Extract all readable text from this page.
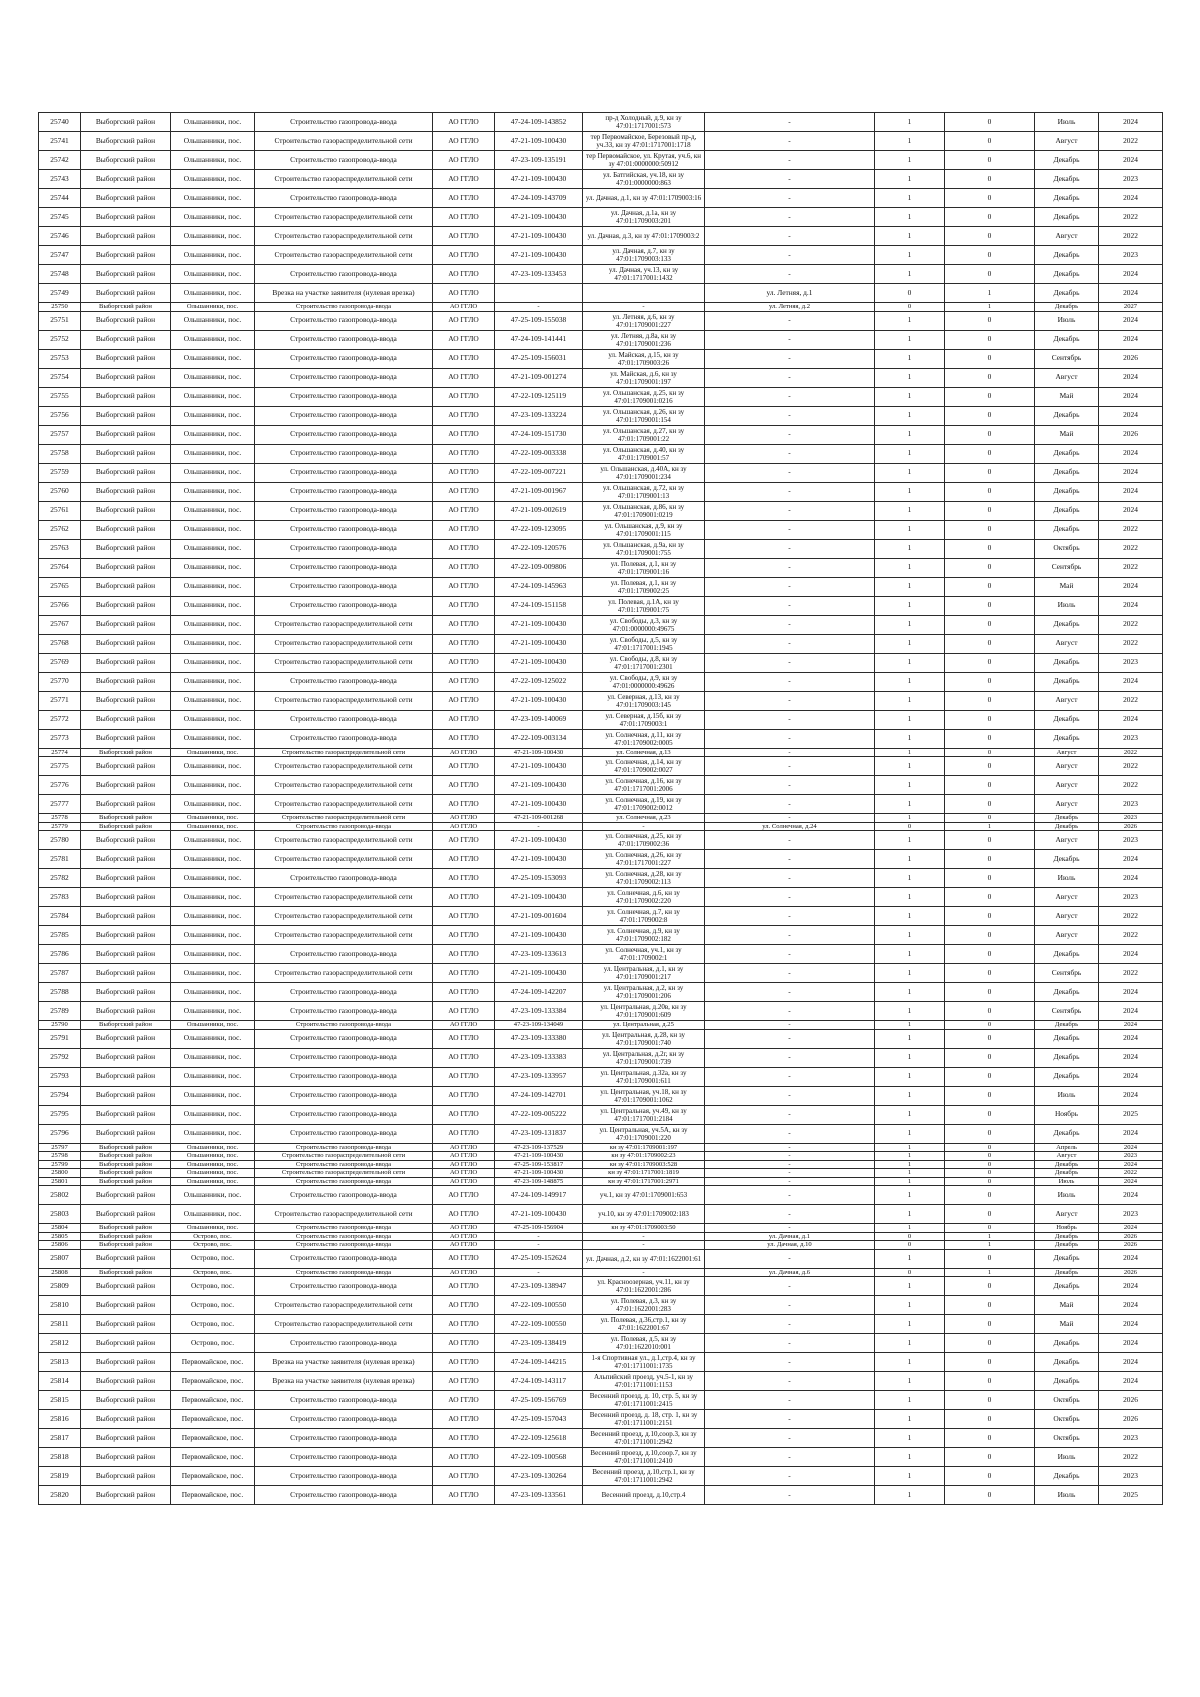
25740	Выборгский район	Ольшанники, пос.	Строительство газопровода-ввода	АО ГГЛО	47-24-109-143852	пр-д Холодный, д.9, кн зу 47:01:1717001:573	-	1	0	Июль	2024
25741	Выборгский район	Ольшанники, пос.	Строительство газораспределительной сети	АО ГГЛО	47-21-109-100430	тер Первомайское, Березовый пр-д, уч.33, кн зу 47:01:1717001:1718	-	1	0	Август	2022
25742	Выборгский район	Ольшанники, пос.	Строительство газопровода-ввода	АО ГГЛО	47-23-109-135191	тер Первомайское, ул. Крутая, уч.6, кн зу 47:01:0000000:50912	-	1	0	Декабрь	2024
25743	Выборгский район	Ольшанники, пос.	Строительство газораспределительной сети	АО ГГЛО	47-21-109-100430	ул. Батгийская, уч.18, кн зу 47:01:0000000:863	-	1	0	Декабрь	2023
25744	Выборгский район	Ольшанники, пос.	Строительство газопровода-ввода	АО ГГЛО	47-24-109-143709	ул. Дачная, д.1, кн зу 47:01:1709003:16	-	1	0	Декабрь	2024
25745	Выборгский район	Ольшанники, пос.	Строительство газораспределительной сети	АО ГГЛО	47-21-109-100430	ул. Дачная, д.1а, кн зу 47:01:1709003:201	-	1	0	Декабрь	2022
25746	Выборгский район	Ольшанники, пос.	Строительство газораспределительной сети	АО ГГЛО	47-21-109-100430	ул. Дачная, д.3, кн зу 47:01:1709003:2	-	1	0	Август	2022
25747	Выборгский район	Ольшанники, пос.	Строительство газораспределительной сети	АО ГГЛО	47-21-109-100430	ул. Дачная, д.7, кн зу 47:01:1709003:133	-	1	0	Декабрь	2023
25748	Выборгский район	Ольшанники, пос.	Строительство газопровода-ввода	АО ГГЛО	47-23-109-133453	ул. Дачная, уч.13, кн зу 47:01:1717001:1432	-	1	0	Декабрь	2024
25749	Выборгский район	Ольшанники, пос.	Врезка на участке заявителя (нулевая врезка)	АО ГГЛО			ул. Летняя, д.1	0	1	Декабрь	2024
25750	Выборгский район	Ольшанники, пос.	Строительство газопровода-ввода	АО ГГЛО	-	-	ул. Летняя, д.2	0	1	Декабрь	2027
25751	Выборгский район	Ольшанники, пос.	Строительство газопровода-ввода	АО ГГЛО	47-25-109-155038	ул. Летняя, д.6, кн зу 47:01:1709001:227	-	1	0	Июль	2024
25752	Выборгский район	Ольшанники, пос.	Строительство газопровода-ввода	АО ГГЛО	47-24-109-141441	ул. Летняя, д.8а, кн зу 47:01:1709001:236	-	1	0	Декабрь	2024
25753	Выборгский район	Ольшанники, пос.	Строительство газопровода-ввода	АО ГГЛО	47-25-109-156031	ул. Майская, д.15, кн зу 47:01:1709003:26	-	1	0	Сентябрь	2026
25754	Выборгский район	Ольшанники, пос.	Строительство газопровода-ввода	АО ГГЛО	47-21-109-001274	ул. Майская, д.6, кн зу 47:01:1709001:197	-	1	0	Август	2024
25755	Выборгский район	Ольшанники, пос.	Строительство газопровода-ввода	АО ГГЛО	47-22-109-125119	ул. Ольшанская, д.25, кн зу 47:01:1709001:0216	-	1	0	Май	2024
25756	Выборгский район	Ольшанники, пос.	Строительство газопровода-ввода	АО ГГЛО	47-23-109-133224	ул. Ольшанская, д.26, кн зу 47:01:1709001:154	-	1	0	Декабрь	2024
25757	Выборгский район	Ольшанники, пос.	Строительство газопровода-ввода	АО ГГЛО	47-24-109-151730	ул. Ольшанская, д.27, кн зу 47:01:1709001:22	-	1	0	Май	2026
25758	Выборгский район	Ольшанники, пос.	Строительство газопровода-ввода	АО ГГЛО	47-22-109-003338	ул. Ольшанская, д.40, кн зу 47:01:1709001:57	-	1	0	Декабрь	2024
25759	Выборгский район	Ольшанники, пос.	Строительство газопровода-ввода	АО ГГЛО	47-22-109-007221	ул. Ольшанская, д.40А, кн зу 47:01:1709001:234	-	1	0	Декабрь	2024
25760	Выборгский район	Ольшанники, пос.	Строительство газопровода-ввода	АО ГГЛО	47-21-109-001967	ул. Ольшанская, д.72, кн зу 47:01:1709001:13	-	1	0	Декабрь	2024
25761	Выборгский район	Ольшанники, пос.	Строительство газопровода-ввода	АО ГГЛО	47-21-109-002619	ул. Ольшанская, д.86, кн зу 47:01:1709001:0219	-	1	0	Декабрь	2024
25762	Выборгский район	Ольшанники, пос.	Строительство газопровода-ввода	АО ГГЛО	47-22-109-123095	ул. Ольшанская, д.9, кн зу 47:01:1709001:115	-	1	0	Декабрь	2022
25763	Выборгский район	Ольшанники, пос.	Строительство газопровода-ввода	АО ГГЛО	47-22-109-120576	ул. Ольшанская, д.9а, кн зу 47:01:1709001:755	-	1	0	Октябрь	2022
25764	Выборгский район	Ольшанники, пос.	Строительство газопровода-ввода	АО ГГЛО	47-22-109-009806	ул. Полевая, д.1, кн зу 47:01:1709001:16	-	1	0	Сентябрь	2022
25765	Выборгский район	Ольшанники, пос.	Строительство газопровода-ввода	АО ГГЛО	47-24-109-145963	ул. Полевая, д.1, кн зу 47:01:1709002:25	-	1	0	Май	2024
25766	Выборгский район	Ольшанники, пос.	Строительство газопровода-ввода	АО ГГЛО	47-24-109-151158	ул. Полевая, д.1А, кн зу 47:01:1709001:75	-	1	0	Июль	2024
25767	Выборгский район	Ольшанники, пос.	Строительство газораспределительной сети	АО ГГЛО	47-21-109-100430	ул. Свободы, д.3, кн зу 47:01:0000000:49675	-	1	0	Декабрь	2022
25768	Выборгский район	Ольшанники, пос.	Строительство газораспределительной сети	АО ГГЛО	47-21-109-100430	ул. Свободы, д.5, кн зу 47:01:1717001:1945	-	1	0	Август	2022
25769	Выборгский район	Ольшанники, пос.	Строительство газораспределительной сети	АО ГГЛО	47-21-109-100430	ул. Свободы, д.8, кн зу 47:01:1717001:2301	-	1	0	Декабрь	2023
25770	Выборгский район	Ольшанники, пос.	Строительство газопровода-ввода	АО ГГЛО	47-22-109-125022	ул. Свободы, д.9, кн зу 47:01:0000000:49626	-	1	0	Декабрь	2024
25771	Выборгский район	Ольшанники, пос.	Строительство газораспределительной сети	АО ГГЛО	47-21-109-100430	ул. Северная, д.13, кн зу 47:01:1709003:145	-	1	0	Август	2022
25772	Выборгский район	Ольшанники, пос.	Строительство газопровода-ввода	АО ГГЛО	47-23-109-140069	ул. Северная, д.15б, кн зу 47:01:1709003:1	-	1	0	Декабрь	2024
25773	Выборгский район	Ольшанники, пос.	Строительство газопровода-ввода	АО ГГЛО	47-22-109-003134	ул. Солнечная, д.11, кн зу 47:01:1709002:0005	-	1	0	Декабрь	2023
25774	Выборгский район	Ольшанники, пос.	Строительство газораспределительной сети	АО ГГЛО	47-21-109-100430	ул. Солнечная, д.13	-	1	0	Август	2022
25775	Выборгский район	Ольшанники, пос.	Строительство газораспределительной сети	АО ГГЛО	47-21-109-100430	ул. Солнечная, д.14, кн зу 47:01:1709002:0027	-	1	0	Август	2022
25776	Выборгский район	Ольшанники, пос.	Строительство газораспределительной сети	АО ГГЛО	47-21-109-100430	ул. Солнечная, д.16, кн зу 47:01:1717001:2006	-	1	0	Август	2022
25777	Выборгский район	Ольшанники, пос.	Строительство газораспределительной сети	АО ГГЛО	47-21-109-100430	ул. Солнечная, д.19, кн зу 47:01:1709002:0012	-	1	0	Август	2023
25778	Выборгский район	Ольшанники, пос.	Строительство газораспределительной сети	АО ГГЛО	47-21-109-001268	ул. Солнечная, д.23	-	1	0	Декабрь	2023
25779	Выборгский район	Ольшанники, пос.	Строительство газопровода-ввода	АО ГГЛО	-	-	ул. Солнечная, д.24	0	1	Декабрь	2026
25780	Выборгский район	Ольшанники, пос.	Строительство газораспределительной сети	АО ГГЛО	47-21-109-100430	ул. Солнечная, д.25, кн зу 47:01:1709002:36	-	1	0	Август	2023
25781	Выборгский район	Ольшанники, пос.	Строительство газораспределительной сети	АО ГГЛО	47-21-109-100430	ул. Солнечная, д.26, кн зу 47:01:1717001:227	-	1	0	Декабрь	2024
25782	Выборгский район	Ольшанники, пос.	Строительство газопровода-ввода	АО ГГЛО	47-25-109-153093	ул. Солнечная, д.28, кн зу 47:01:1709002:113	-	1	0	Июль	2024
25783	Выборгский район	Ольшанники, пос.	Строительство газораспределительной сети	АО ГГЛО	47-21-109-100430	ул. Солнечная, д.6, кн зу 47:01:1709002:220	-	1	0	Август	2023
25784	Выборгский район	Ольшанники, пос.	Строительство газораспределительной сети	АО ГГЛО	47-21-109-001604	ул. Солнечная, д.7, кн зу 47:01:1709002:8	-	1	0	Август	2022
25785	Выборгский район	Ольшанники, пос.	Строительство газораспределительной сети	АО ГГЛО	47-21-109-100430	ул. Солнечная, д.9, кн зу 47:01:1709002:182	-	1	0	Август	2022
25786	Выборгский район	Ольшанники, пос.	Строительство газопровода-ввода	АО ГГЛО	47-23-109-133613	ул. Солнечная, уч.1, кн зу 47:01:1709002:1	-	1	0	Декабрь	2024
25787	Выборгский район	Ольшанники, пос.	Строительство газораспределительной сети	АО ГГЛО	47-21-109-100430	ул. Центральная, д.1, кн зу 47:01:1709001:217	-	1	0	Сентябрь	2022
25788	Выборгский район	Ольшанники, пос.	Строительство газопровода-ввода	АО ГГЛО	47-24-109-142207	ул. Центральная, д.2, кн зу 47:01:1709001:206	-	1	0	Декабрь	2024
25789	Выборгский район	Ольшанники, пос.	Строительство газопровода-ввода	АО ГГЛО	47-23-109-133384	ул. Центральная, д.20в, кн зу 47:01:1709001:609	-	1	0	Сентябрь	2024
25790	Выборгский район	Ольшанники, пос.	Строительство газопровода-ввода	АО ГГЛО	47-23-109-134049	ул. Центральная, д.25	-	1	0	Декабрь	2024
25791	Выборгский район	Ольшанники, пос.	Строительство газопровода-ввода	АО ГГЛО	47-23-109-133380	ул. Центральная, д.28, кн зу 47:01:1709001:740	-	1	0	Декабрь	2024
25792	Выборгский район	Ольшанники, пос.	Строительство газопровода-ввода	АО ГГЛО	47-23-109-133383	ул. Центральная, д.2г, кн зу 47:01:1709001:739	-	1	0	Декабрь	2024
25793	Выборгский район	Ольшанники, пос.	Строительство газопровода-ввода	АО ГГЛО	47-23-109-133957	ул. Центральная, д.32а, кн зу 47:01:1709001:611	-	1	0	Декабрь	2024
25794	Выборгский район	Ольшанники, пос.	Строительство газопровода-ввода	АО ГГЛО	47-24-109-142701	ул. Центральная, уч.18, кн зу 47:01:1709001:1062	-	1	0	Июль	2024
25795	Выборгский район	Ольшанники, пос.	Строительство газопровода-ввода	АО ГГЛО	47-22-109-005222	ул. Центральная, уч.49, кн зу 47:01:1717001:2184	-	1	0	Ноябрь	2025
25796	Выборгский район	Ольшанники, пос.	Строительство газопровода-ввода	АО ГГЛО	47-23-109-131837	ул. Центральная, уч.5А, кн зу 47:01:1709001:220	-	1	0	Декабрь	2024
25797	Выборгский район	Ольшанники, пос.	Строительство газопровода-ввода	АО ГГЛО	47-23-109-137529	кн зу 47:01:1709001:197	-	1	0	Апрель	2024
25798	Выборгский район	Ольшанники, пос.	Строительство газораспределительной сети	АО ГГЛО	47-21-109-100430	кн зу 47:01:1709002:23	-	1	0	Август	2023
25799	Выборгский район	Ольшанники, пос.	Строительство газопровода-ввода	АО ГГЛО	47-25-109-153817	кн зу 47:01:1709003:528	-	1	0	Декабрь	2024
25800	Выборгский район	Ольшанники, пос.	Строительство газораспределительной сети	АО ГГЛО	47-21-109-100430	кн зу 47:01:1717001:1819	-	1	0	Декабрь	2022
25801	Выборгский район	Ольшанники, пос.	Строительство газопровода-ввода	АО ГГЛО	47-23-109-148875	кн зу 47:01:1717001:2971	-	1	0	Июль	2024
25802	Выборгский район	Ольшанники, пос.	Строительство газопровода-ввода	АО ГГЛО	47-24-109-149917	уч.1, кн зу 47:01:1709001:653	-	1	0	Июль	2024
25803	Выборгский район	Ольшанники, пос.	Строительство газораспределительной сети	АО ГГЛО	47-21-109-100430	уч.10, кн зу 47:01:1709002:183	-	1	0	Август	2023
25804	Выборгский район	Ольшанники, пос.	Строительство газопровода-ввода	АО ГГЛО	47-25-109-156904	кн зу 47:01:1709003:50	-	1	0	Ноябрь	2024
25805	Выборгский район	Острово, пос.	Строительство газопровода-ввода	АО ГГЛО	-	-	ул. Дачная, д.1	0	1	Декабрь	2026
25806	Выборгский район	Острово, пос.	Строительство газопровода-ввода	АО ГГЛО	-	-	ул. Дачная, д.10	0	1	Декабрь	2026
25807	Выборгский район	Острово, пос.	Строительство газопровода-ввода	АО ГГЛО	47-25-109-152624	ул. Дачная, д.2, кн зу 47:01:1622001:61	-	1	0	Декабрь	2024
25808	Выборгский район	Острово, пос.	Строительство газопровода-ввода	АО ГГЛО	-	-	ул. Дачная, д.6	0	1	Декабрь	2026
25809	Выборгский район	Острово, пос.	Строительство газопровода-ввода	АО ГГЛО	47-23-109-138947	ул. Красноозерная, уч.11, кн зу 47:01:1622001:286	-	1	0	Декабрь	2024
25810	Выборгский район	Острово, пос.	Строительство газораспределительной сети	АО ГГЛО	47-22-109-100550	ул. Полевая, д.3, кн зу 47:01:1622001:283	-	1	0	Май	2024
25811	Выборгский район	Острово, пос.	Строительство газораспределительной сети	АО ГГЛО	47-22-109-100550	ул. Полевая, д.36,стр.1, кн зу 47:01:1622001:67	-	1	0	Май	2024
25812	Выборгский район	Острово, пос.	Строительство газопровода-ввода	АО ГГЛО	47-23-109-138419	ул. Полевая, д.5, кн зу 47:01:1622010:001	-	1	0	Декабрь	2024
25813	Выборгский район	Первомайское, пос.	Врезка на участке заявителя (нулевая врезка)	АО ГГЛО	47-24-109-144215	1-я Спортивная ул., д.1,стр.4, кн зу 47:01:1711001:1735	-	1	0	Декабрь	2024
25814	Выборгский район	Первомайское, пос.	Врезка на участке заявителя (нулевая врезка)	АО ГГЛО	47-24-109-143117	Альпийский проезд, уч.5-1, кн зу 47:01:1711001:1153	-	1	0	Декабрь	2024
25815	Выборгский район	Первомайское, пос.	Строительство газопровода-ввода	АО ГГЛО	47-25-109-156769	Весенний проезд, д. 10, стр. 5, кн зу 47:01:1711001:2415	-	1	0	Октябрь	2026
25816	Выборгский район	Первомайское, пос.	Строительство газопровода-ввода	АО ГГЛО	47-25-109-157043	Весенний проезд, д. 18, стр. 1, кн зу 47:01:1711001:2151	-	1	0	Октябрь	2026
25817	Выборгский район	Первомайское, пос.	Строительство газопровода-ввода	АО ГГЛО	47-22-109-125618	Весенний проезд, д.10,соор.3, кн зу 47:01:1711001:2942	-	1	0	Октябрь	2023
25818	Выборгский район	Первомайское, пос.	Строительство газопровода-ввода	АО ГГЛО	47-22-109-100568	Весенний проезд, д.10,соор.7, кн зу 47:01:1711001:2410	-	1	0	Июль	2022
25819	Выборгский район	Первомайское, пос.	Строительство газопровода-ввода	АО ГГЛО	47-23-109-130264	Весенний проезд, д.10,стр.1, кн зу 47:01:1711001:2942	-	1	0	Декабрь	2023
25820	Выборгский район	Первомайское, пос.	Строительство газопровода-ввода	АО ГГЛО	47-23-109-133561	Весенний проезд, д.10,стр.4	-	1	0	Июль	2025
